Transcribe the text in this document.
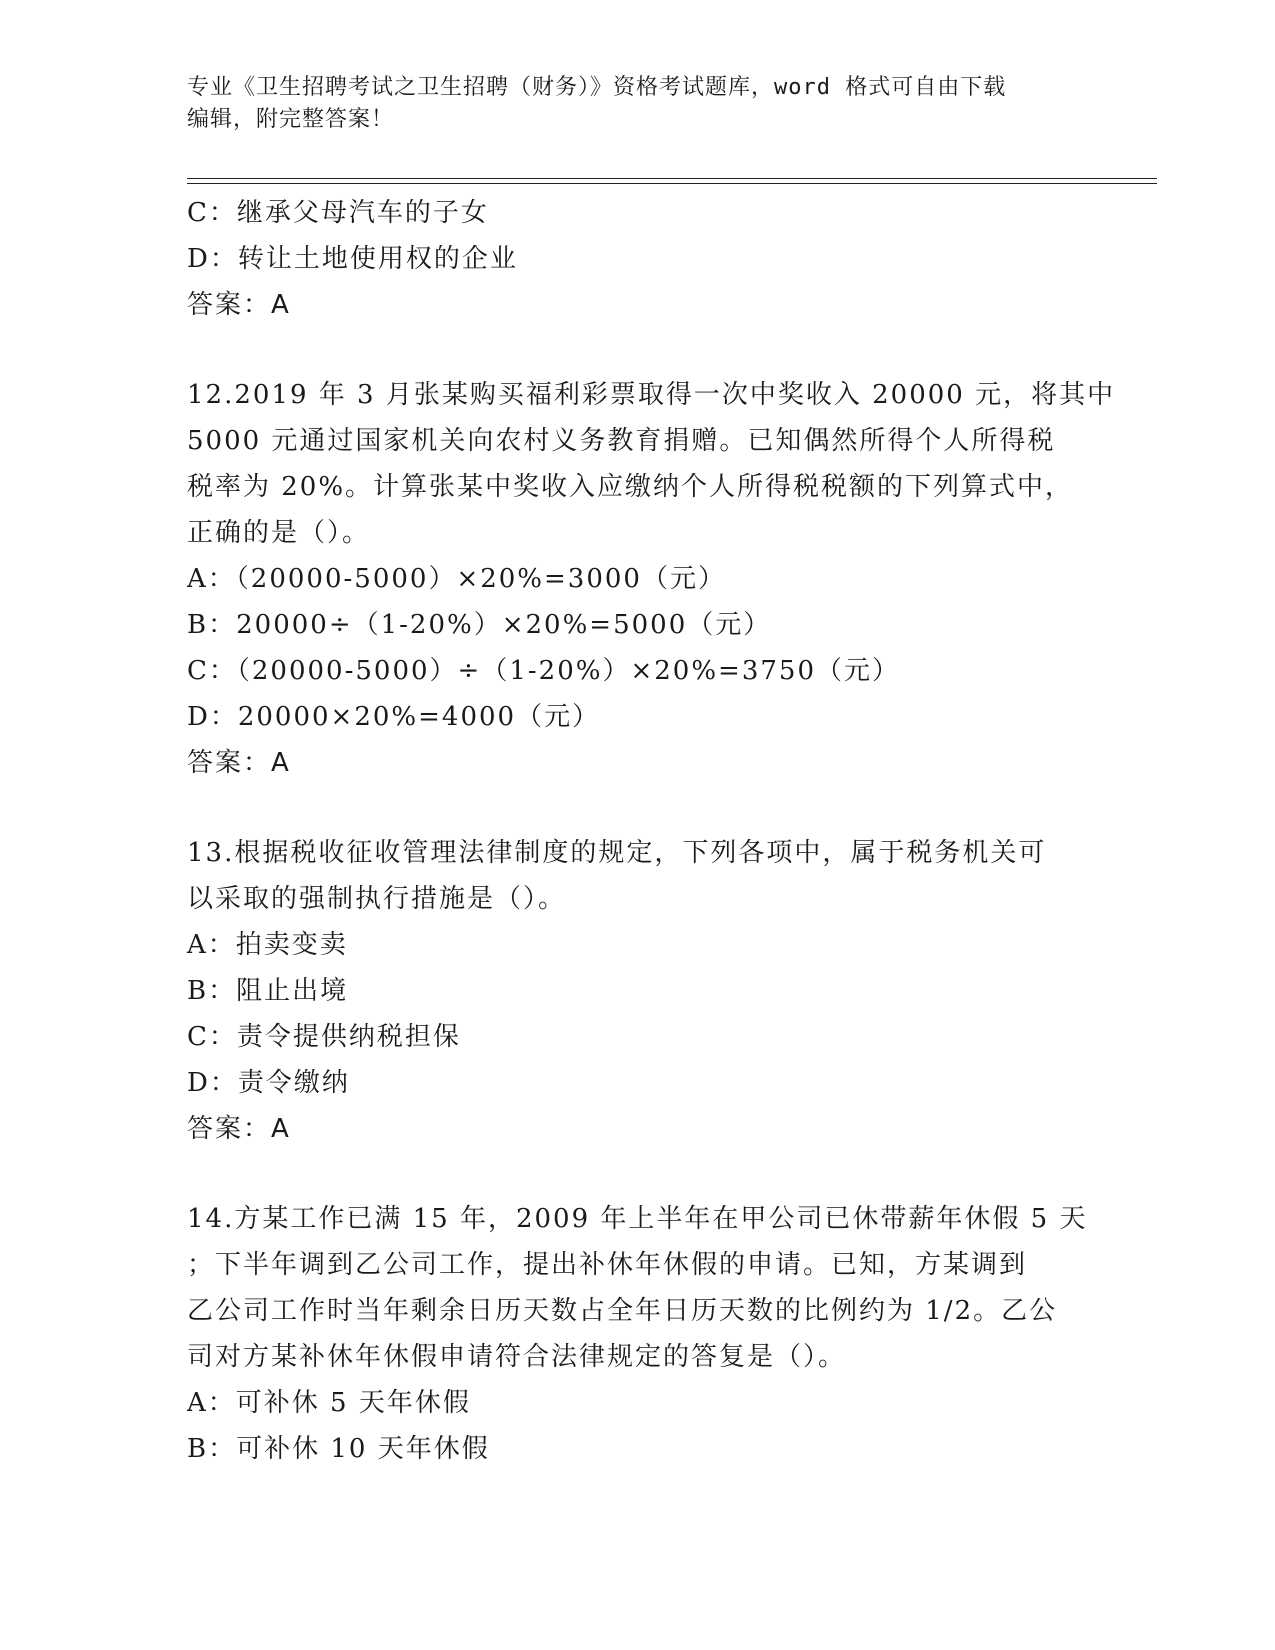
专业《卫生招聘考试之卫生招聘（财务）》资格考试题库，word 格式可自由下载
编辑，附完整答案！
C：继承父母汽车的子女
D：转让土地使用权的企业
答案：A
12.2019 年 3 月张某购买福利彩票取得一次中奖收入 20000 元，将其中
5000 元通过国家机关向农村义务教育捐赠。已知偶然所得个人所得税
税率为 20%。计算张某中奖收入应缴纳个人所得税税额的下列算式中，
正确的是（）。
A：（20000-5000）×20%=3000（元）
B：20000÷（1-20%）×20%=5000（元）
C：（20000-5000）÷（1-20%）×20%=3750（元）
D：20000×20%=4000（元）
答案：A
13.根据税收征收管理法律制度的规定，下列各项中，属于税务机关可
以采取的强制执行措施是（）。
A：拍卖变卖
B：阻止出境
C：责令提供纳税担保
D：责令缴纳
答案：A
14.方某工作已满 15 年，2009 年上半年在甲公司已休带薪年休假 5 天
；下半年调到乙公司工作，提出补休年休假的申请。已知，方某调到
乙公司工作时当年剩余日历天数占全年日历天数的比例约为 1/2。乙公
司对方某补休年休假申请符合法律规定的答复是（）。
A：可补休 5 天年休假
B：可补休 10 天年休假
